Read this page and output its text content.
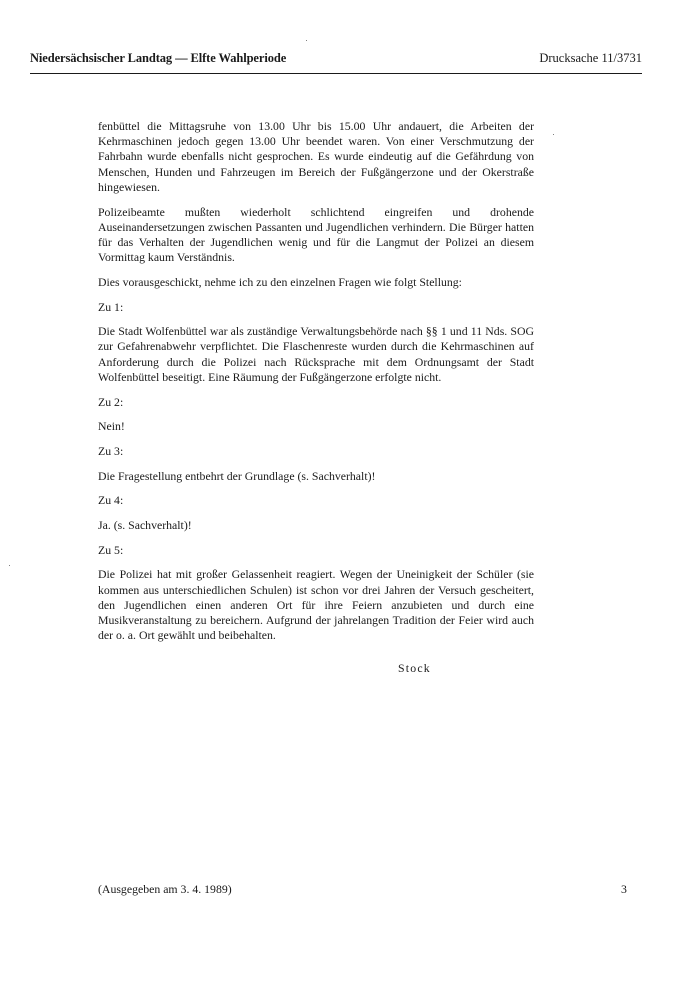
Niedersächsischer Landtag — Elfte Wahlperiode	Drucksache 11/3731

fenbüttel die Mittagsruhe von 13.00 Uhr bis 15.00 Uhr andauert, die Arbeiten der Kehrmaschinen jedoch gegen 13.00 Uhr beendet waren. Von einer Verschmutzung der Fahrbahn wurde ebenfalls nicht gesprochen. Es wurde eindeutig auf die Gefährdung von Menschen, Hunden und Fahrzeugen im Bereich der Fußgängerzone und der Okerstraße hingewiesen.

Polizeibeamte mußten wiederholt schlichtend eingreifen und drohende Auseinandersetzungen zwischen Passanten und Jugendlichen verhindern. Die Bürger hatten für das Verhalten der Jugendlichen wenig und für die Langmut der Polizei an diesem Vormittag kaum Verständnis.

Dies vorausgeschickt, nehme ich zu den einzelnen Fragen wie folgt Stellung:

Zu 1:

Die Stadt Wolfenbüttel war als zuständige Verwaltungsbehörde nach §§ 1 und 11 Nds. SOG zur Gefahrenabwehr verpflichtet. Die Flaschenreste wurden durch die Kehrmaschinen auf Anforderung durch die Polizei nach Rücksprache mit dem Ordnungsamt der Stadt Wolfenbüttel beseitigt. Eine Räumung der Fußgängerzone erfolgte nicht.

Zu 2:

Nein!

Zu 3:

Die Fragestellung entbehrt der Grundlage (s. Sachverhalt)!

Zu 4:

Ja. (s. Sachverhalt)!

Zu 5:

Die Polizei hat mit großer Gelassenheit reagiert. Wegen der Uneinigkeit der Schüler (sie kommen aus unterschiedlichen Schulen) ist schon vor drei Jahren der Versuch gescheitert, den Jugendlichen einen anderen Ort für ihre Feiern anzubieten und durch eine Musikveranstaltung zu bereichern. Aufgrund der jahrelangen Tradition der Feier wird auch der o. a. Ort gewählt und beibehalten.

Stock
(Ausgegeben am 3. 4. 1989)	3
